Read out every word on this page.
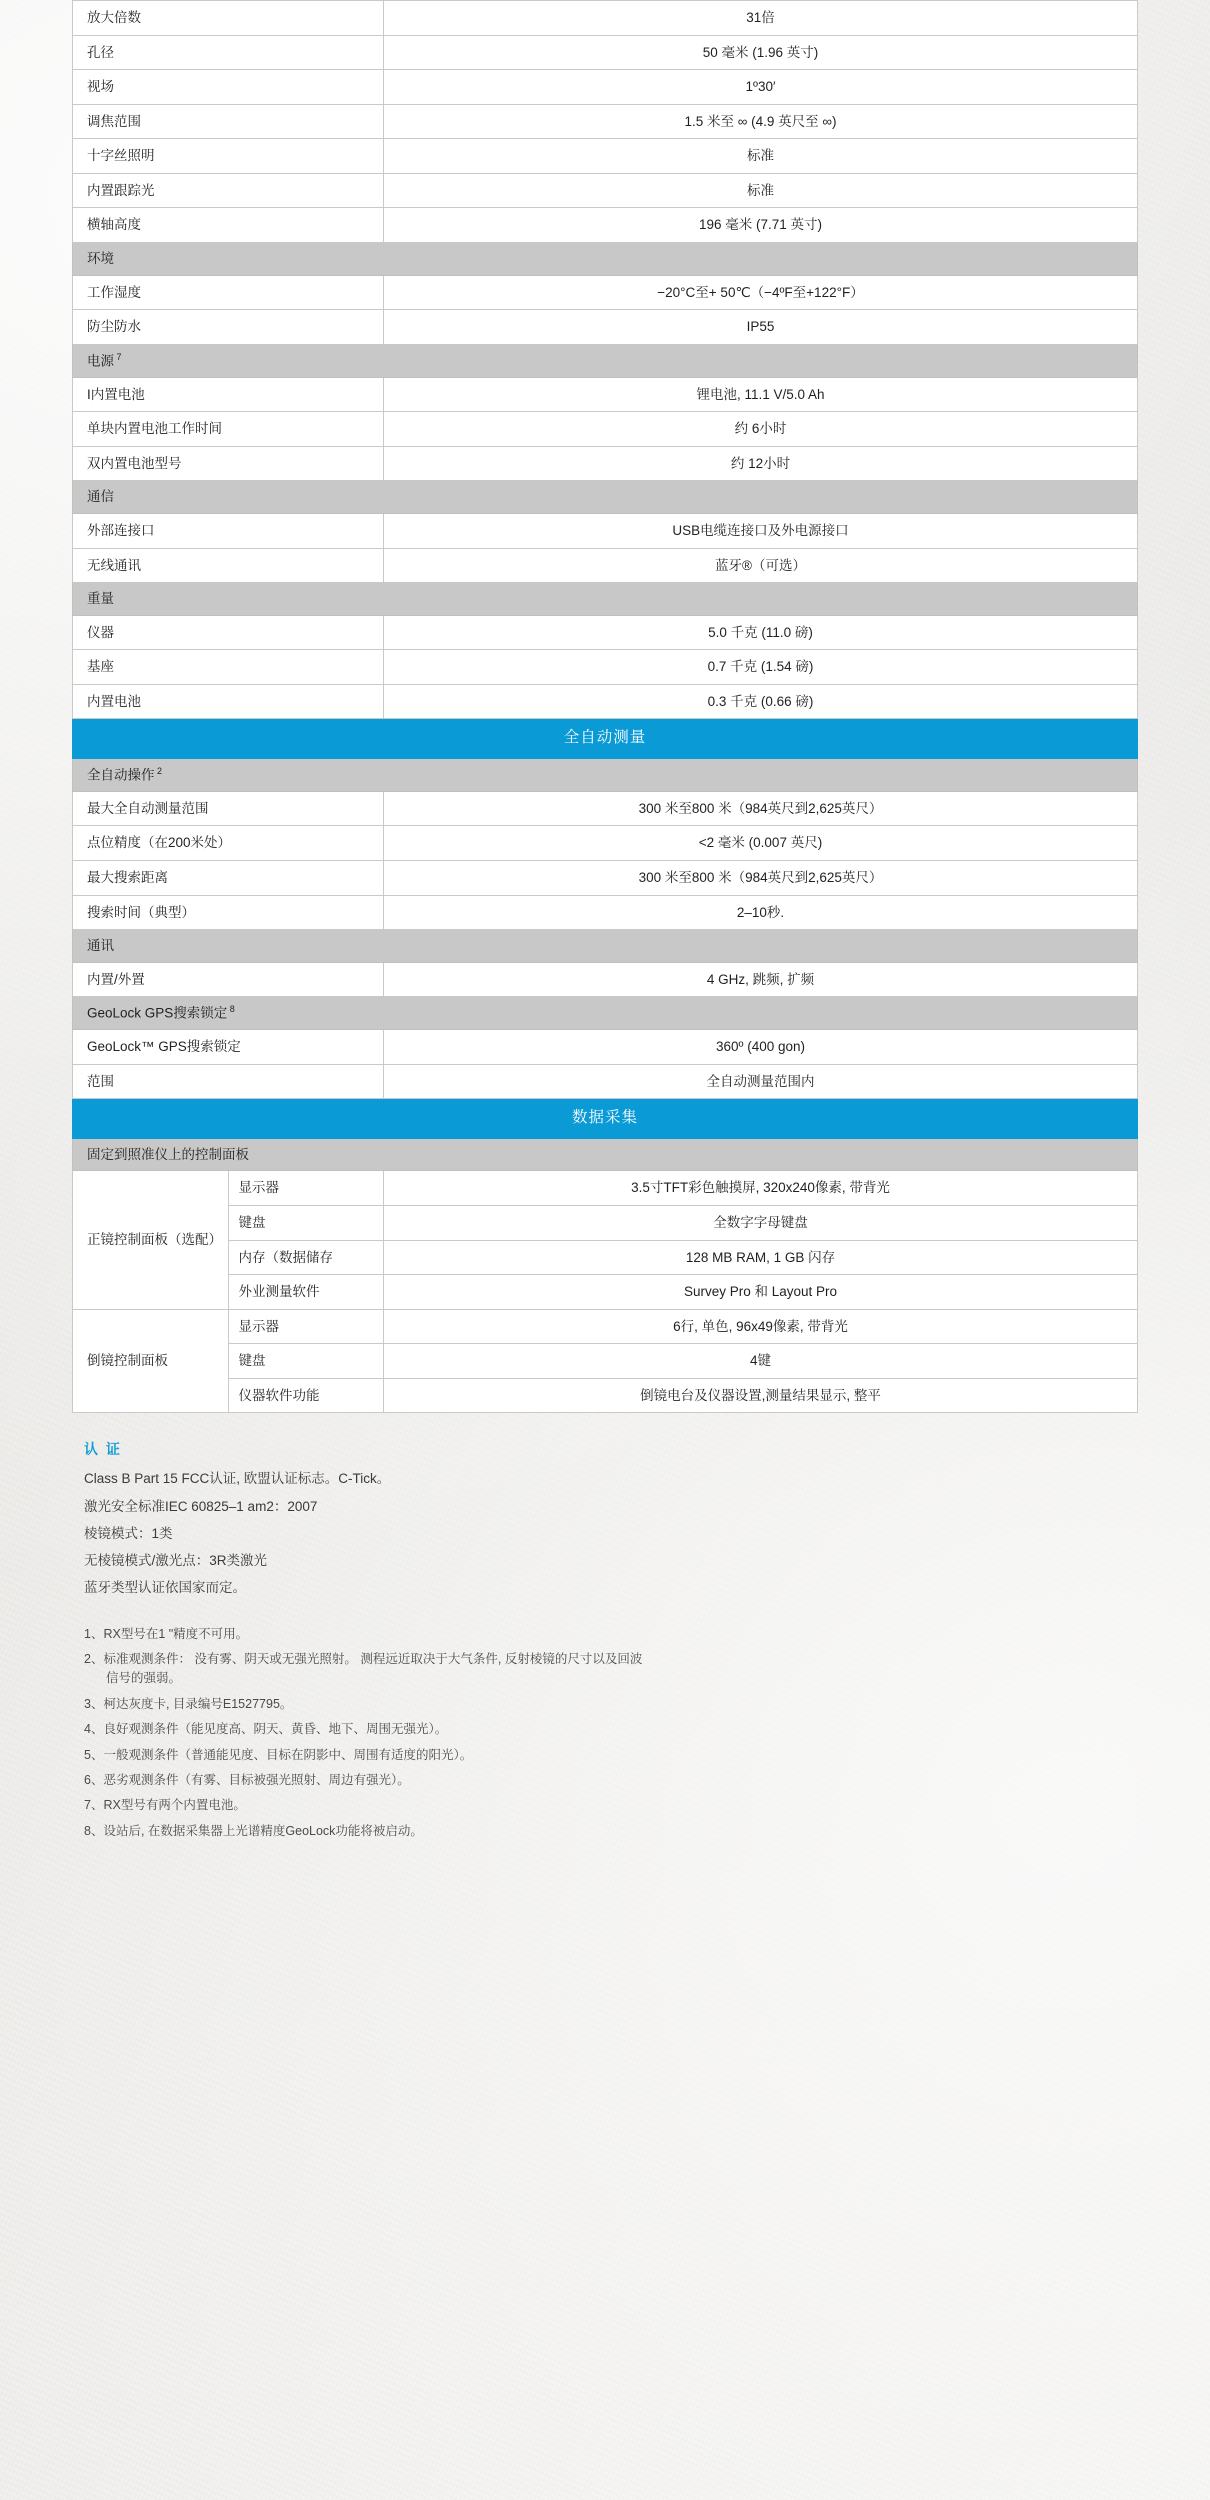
放大倍数		31倍
孔径		50 毫米 (1.96 英寸)
视场		1º30′
调焦范围		1.5 米至 ∞ (4.9 英尺至 ∞)
十字丝照明		标准
内置跟踪光		标准
横轴高度		196 毫米 (7.71 英寸)
环境		
工作湿度		−20°C至+ 50℃（−4ºF至+122°F）
防尘防水		IP55
电源 $^7$
I内置电池		锂电池, 11.1 V/5.0 Ah
单块内置电池工作时间		约 6小时
双内置电池型号		约 12小时
通信		
外部连接口		USB电缆连接口及外电源接口
无线通讯		蓝牙®（可选）
重量		
仪器		5.0 千克 (11.0 磅)
基座		0.7 千克 (1.54 磅)
内置电池		0.3 千克 (0.66 磅)
全自动测量		
全自动操作 $^2$
最大全自动测量范围		300 米至800 米（984英尺到2,625英尺）
点位精度（在200米处）		<2 毫米 (0.007 英尺)
最大搜索距离		300 米至800 米（984英尺到2,625英尺）
搜索时间（典型）		2–10秒.
通讯		
内置/外置		4 GHz, 跳频, 扩频
GeoLock GPS搜索锁定 $^8$
GeoLock™ GPS搜索锁定		360º (400 gon)
范围		全自动测量范围内
数据采集		
固定到照准仪上的控制面板		
正镜控制面板（选配）	显示器	3.5寸TFT彩色触摸屏, 320x240像素, 带背光
	键盘	全数字字母键盘
	内存（数据储存	128 MB RAM, 1 GB 闪存
	外业测量软件	Survey Pro 和 Layout Pro
倒镜控制面板	显示器	6行, 单色, 96x49像素, 带背光
	键盘	4键
	仪器软件功能	倒镜电台及仪器设置,测量结果显示, 整平
认 证

Class B Part 15 FCC认证, 欧盟认证标志。C-Tick。

激光安全标准IEC 60825–1 am2：2007

棱镜模式：1类

无棱镜模式/激光点：3R类激光

蓝牙类型认证依国家而定。

1、RX型号在1 "精度不可用。
2、标准观测条件： 没有雾、阴天或无强光照射。 测程远近取决于大气条件, 反射棱镜的尺寸以及回波
信号的强弱。
3、柯达灰度卡, 目录编号E1527795。
4、良好观测条件（能见度高、阴天、黄昏、地下、周围无强光）。
5、一般观测条件（普通能见度、目标在阴影中、周围有适度的阳光）。
6、恶劣观测条件（有雾、目标被强光照射、周边有强光）。
7、RX型号有两个内置电池。
8、设站后, 在数据采集器上光谱精度GeoLock功能将被启动。
